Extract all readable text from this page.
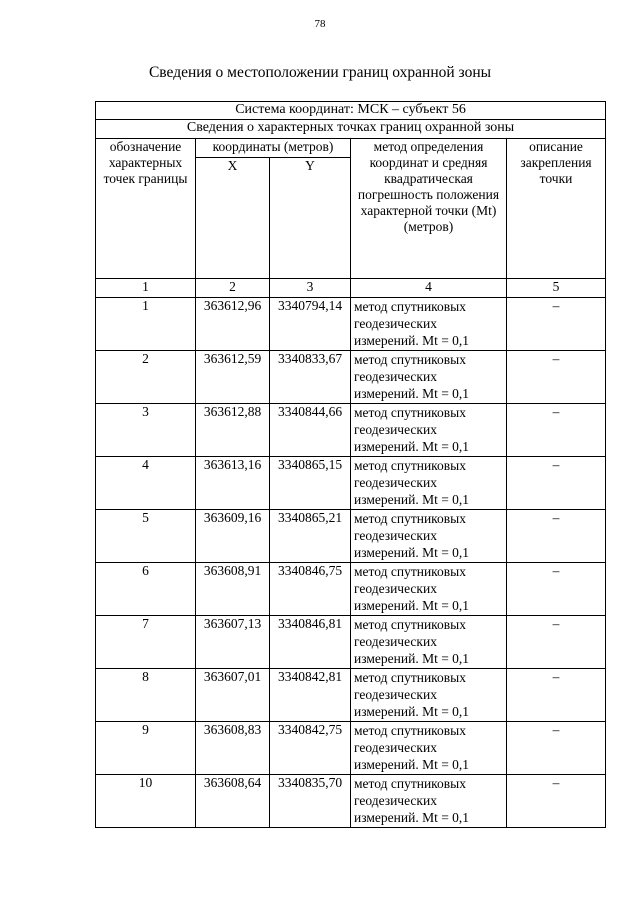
78
Сведения о местоположении границ охранной зоны
Система координат: МСК – субъект 56				
Сведения о характерных точках границ охранной зоны				
обозначение характерных точек границы	координаты (метров)		метод определения координат и средняя квадратическая погрешность положения характерной точки (Mt) (метров)	описание закрепления точки
	X	Y		
1	2	3	4	5
1	363612,96	3340794,14	метод спутниковых геодезических измерений. Mt = 0,1	–
2	363612,59	3340833,67	метод спутниковых геодезических измерений. Mt = 0,1	–
3	363612,88	3340844,66	метод спутниковых геодезических измерений. Mt = 0,1	–
4	363613,16	3340865,15	метод спутниковых геодезических измерений. Mt = 0,1	–
5	363609,16	3340865,21	метод спутниковых геодезических измерений. Mt = 0,1	–
6	363608,91	3340846,75	метод спутниковых геодезических измерений. Mt = 0,1	–
7	363607,13	3340846,81	метод спутниковых геодезических измерений. Mt = 0,1	–
8	363607,01	3340842,81	метод спутниковых геодезических измерений. Mt = 0,1	–
9	363608,83	3340842,75	метод спутниковых геодезических измерений. Mt = 0,1	–
10	363608,64	3340835,70	метод спутниковых геодезических измерений. Mt = 0,1	–
